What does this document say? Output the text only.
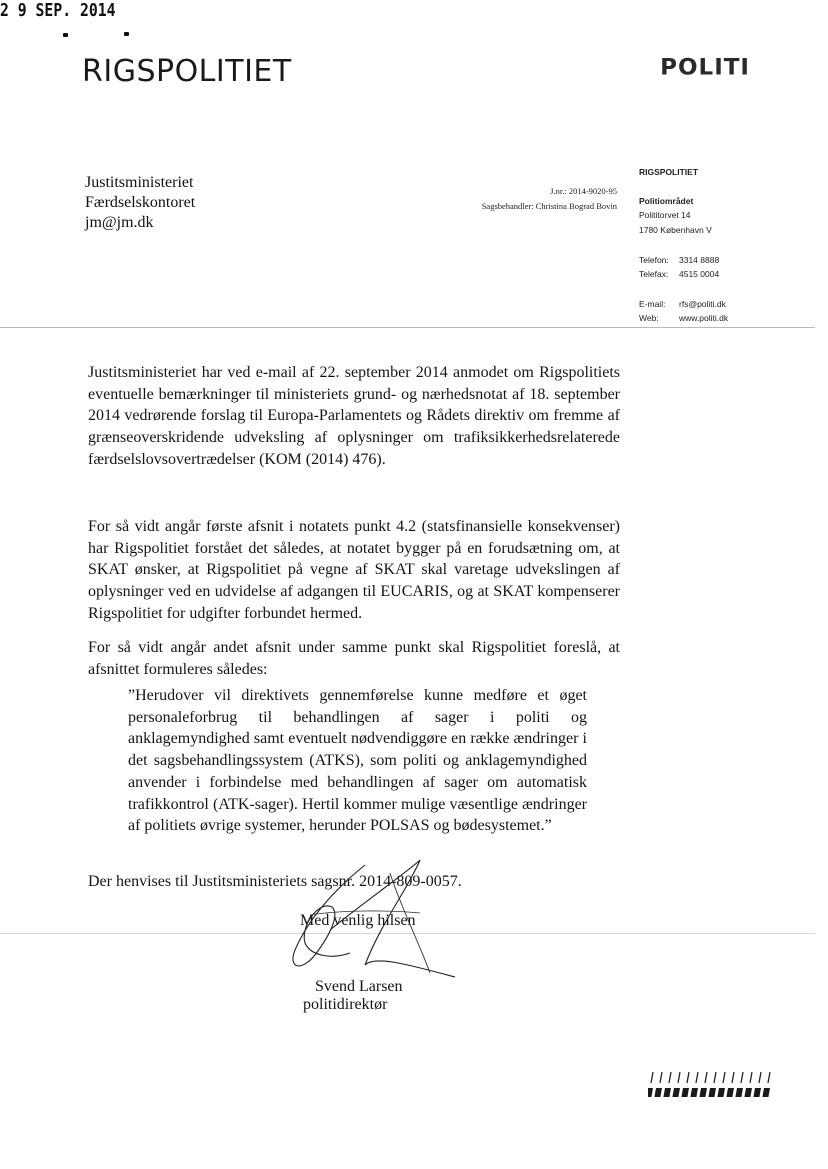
RIGSPOLITIET	POLITI
2 9 SEP. 2014
Justitsministeriet
Færdselskontoret
jm@jm.dk
J.nr.: 2014-9020-95
Sagsbehandler: Christina Bograd Bovin
RIGSPOLITIET
Politiområdet
Polititorvet 14
1780 København V
Telefon: 3314 8888
Telefax: 4515 0004
E-mail: rfs@politi.dk
Web: www.politi.dk
Justitsministeriet har ved e-mail af 22. september 2014 anmodet om Rigspolitiets eventuelle bemærkninger til ministeriets grund- og nærhedsnotat af 18. september 2014 vedrørende forslag til Europa-Parlamentets og Rådets direktiv om fremme af grænseoverskridende udveksling af oplysninger om trafiksikkerhedsrelaterede færdselslovsovertrædelser (KOM (2014) 476).
For så vidt angår første afsnit i notatets punkt 4.2 (statsfinansielle konsekvenser) har Rigspolitiet forstået det således, at notatet bygger på en forudsætning om, at SKAT ønsker, at Rigspolitiet på vegne af SKAT skal varetage udvekslingen af oplysninger ved en udvidelse af adgangen til EUCARIS, og at SKAT kompenserer Rigspolitiet for udgifter forbundet hermed.
For så vidt angår andet afsnit under samme punkt skal Rigspolitiet foreslå, at afsnittet formuleres således:
”Herudover vil direktivets gennemførelse kunne medføre et øget personaleforbrug til behandlingen af sager i politi og anklagemyndighed samt eventuelt nødvendiggøre en række ændringer i det sagsbehandlingssystem (ATKS), som politi og anklagemyndighed anvender i forbindelse med behandlingen af sager om automatisk trafikkontrol (ATK-sager). Hertil kommer mulige væsentlige ændringer af politiets øvrige systemer, herunder POLSAS og bødesystemet.”
Der henvises til Justitsministeriets sagsnr. 2014-809-0057.
Med venlig hilsen
Svend Larsen
politidirektør
